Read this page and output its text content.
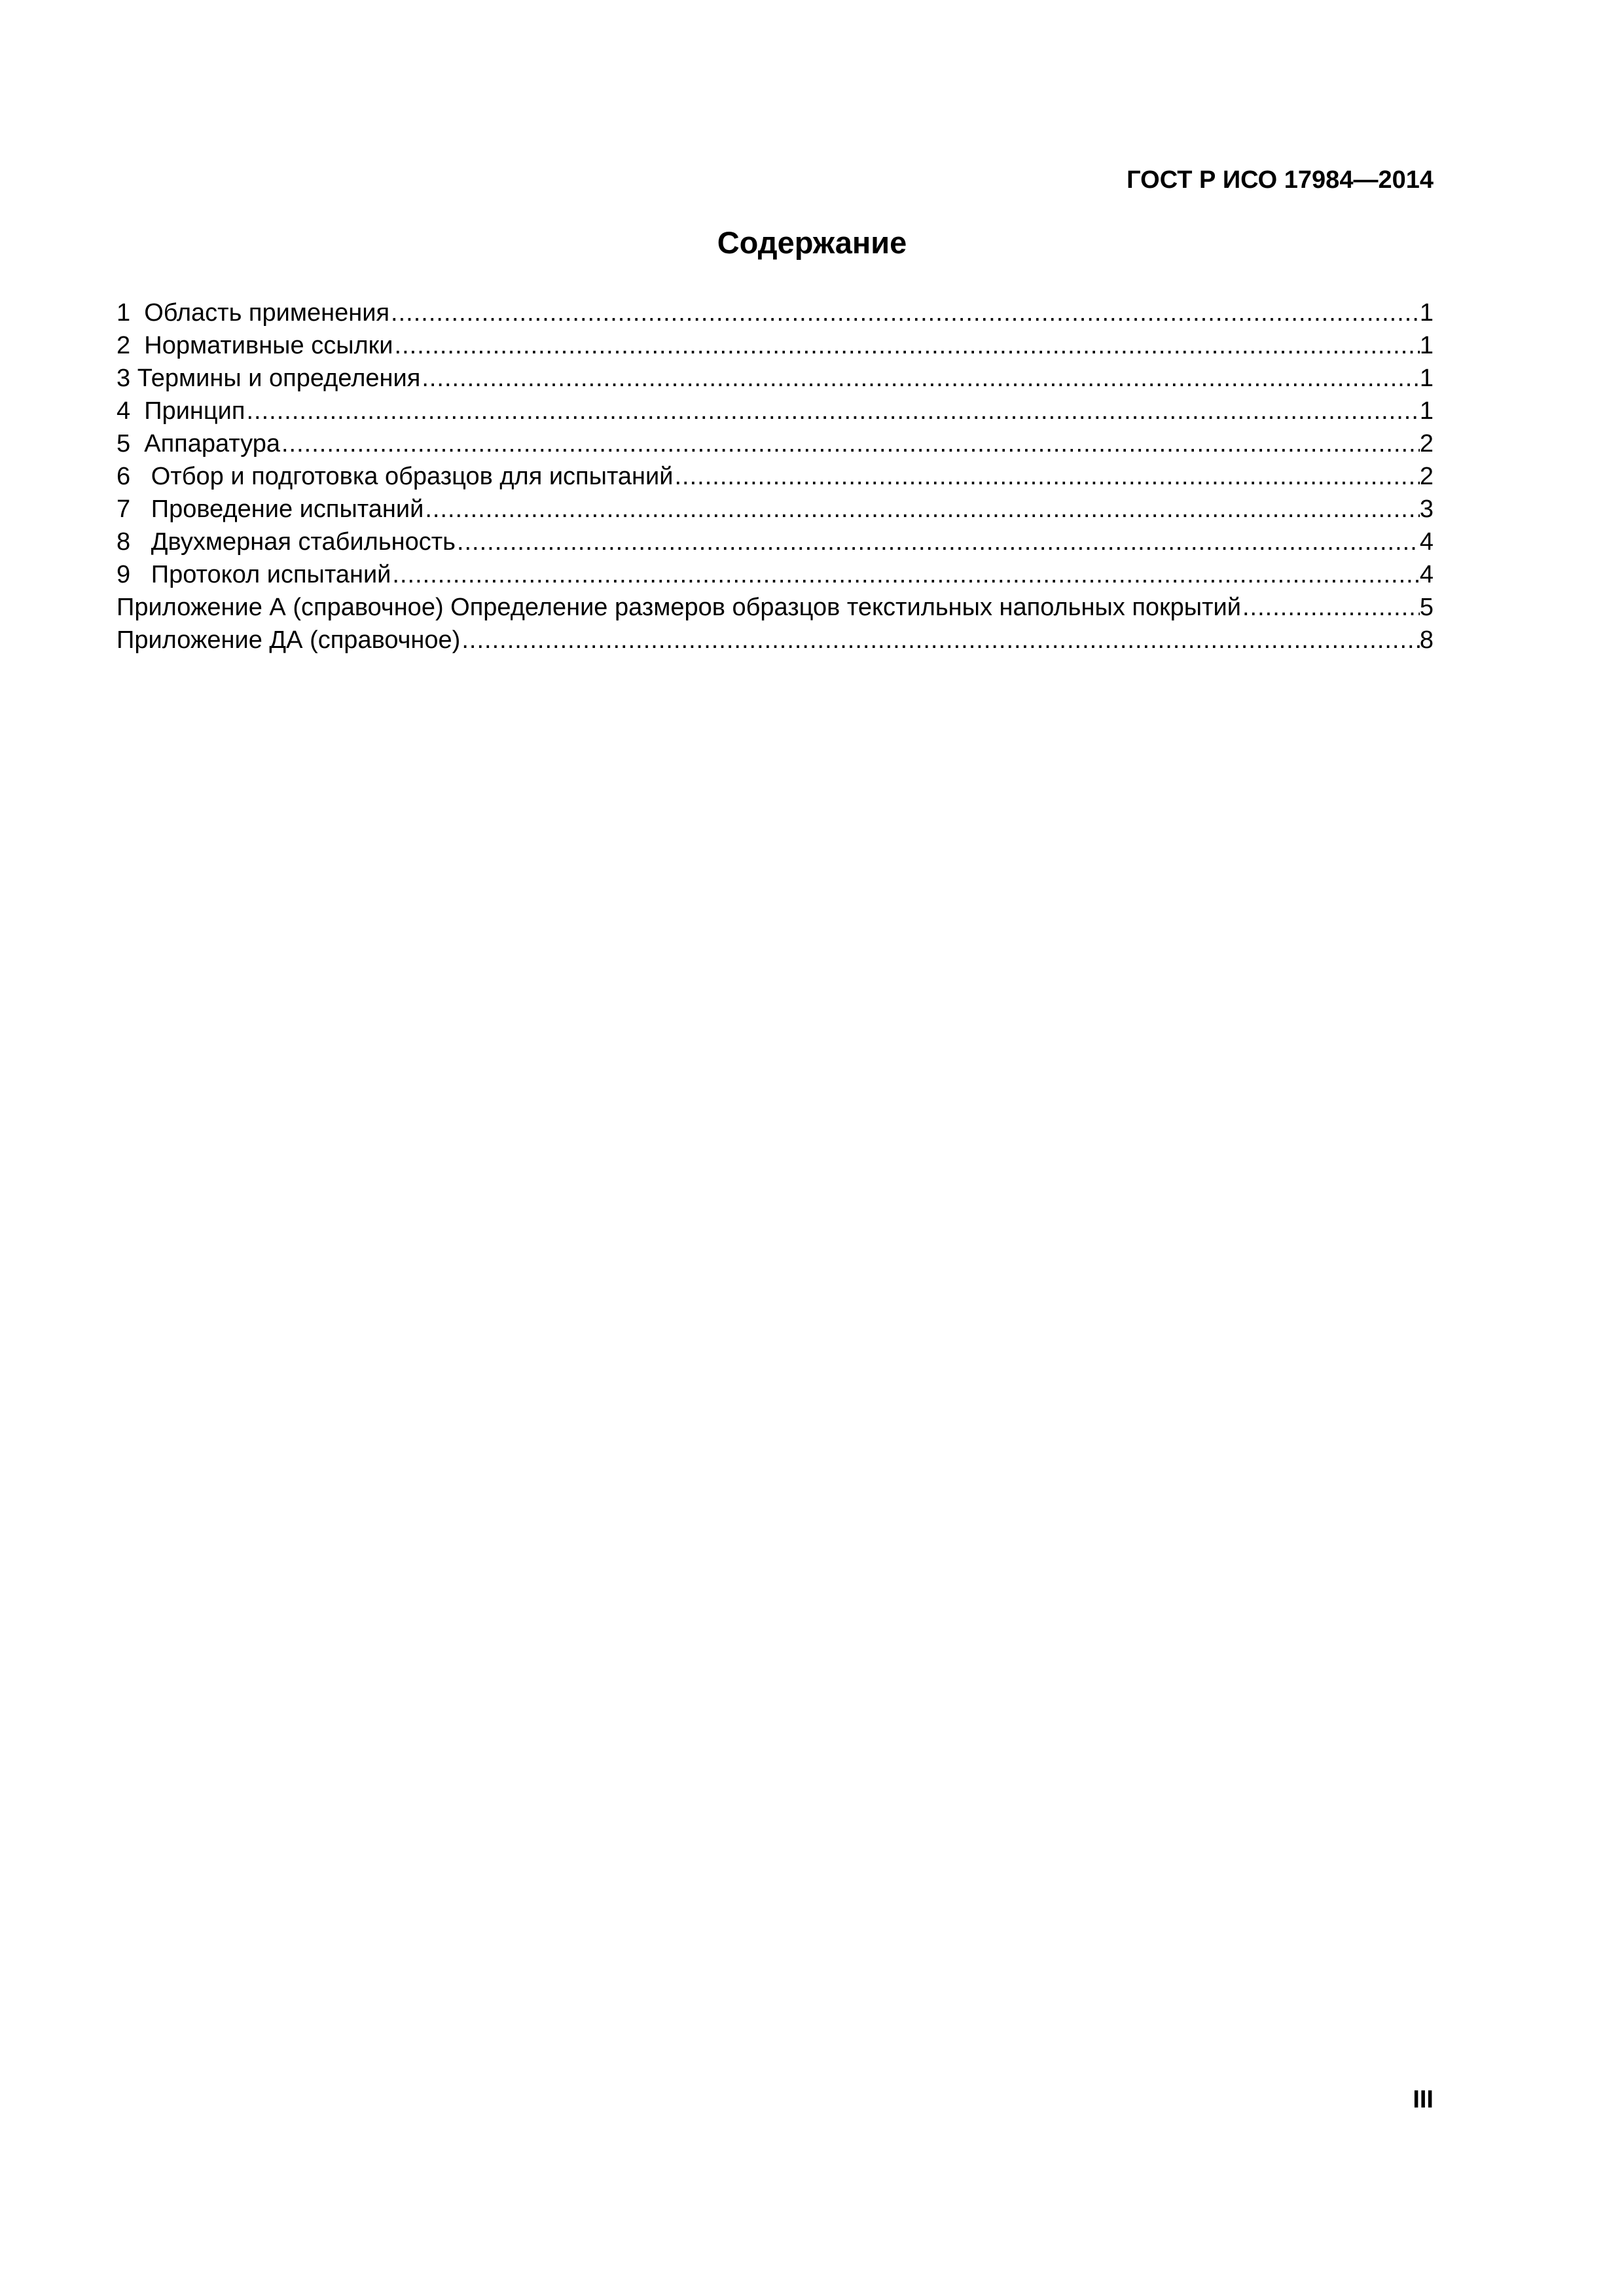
ГОСТ Р ИСО 17984—2014
Содержание
1  Область применения .....	1
2  Нормативные ссылки .....	1
3 Термины и определения .....	1
4  Принцип .....	1
5  Аппаратура .....	2
6   Отбор и подготовка образцов для испытаний .....	2
7   Проведение испытаний .....	3
8   Двухмерная стабильность .....	4
9   Протокол испытаний .....	4
Приложение А (справочное) Определение размеров образцов текстильных напольных покрытий .....	5
Приложение ДА (справочное) .....	8
III
